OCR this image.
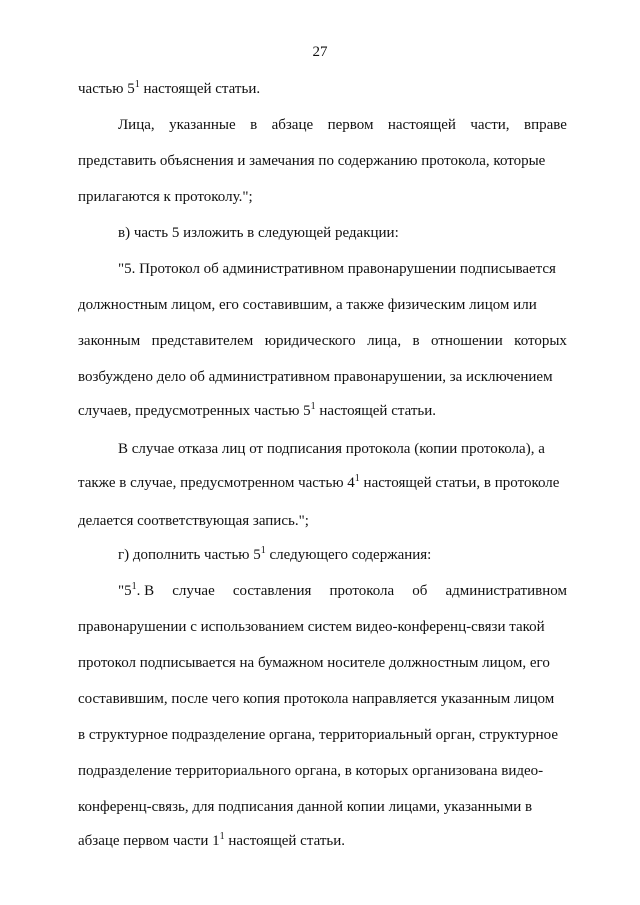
27
частью $5^1$ настоящей статьи.
Лица, указанные в абзаце первом настоящей части, вправе
представить объяснения и замечания по содержанию протокола, которые
прилагаются к протоколу.";
в) часть 5 изложить в следующей редакции:
"5. Протокол об административном правонарушении подписывается
должностным лицом, его составившим, а также физическим лицом или
законным представителем юридического лица, в отношении которых
возбуждено дело об административном правонарушении, за исключением
случаев, предусмотренных частью $5^1$ настоящей статьи.
В случае отказа лиц от подписания протокола (копии протокола), а
также в случае, предусмотренном частью $4^1$ настоящей статьи, в протоколе
делается соответствующая запись.";
г) дополнить частью $5^1$ следующего содержания:
"$5^1$. В случае составления протокола об административном
правонарушении с использованием систем видео-конференц-связи такой
протокол подписывается на бумажном носителе должностным лицом, его
составившим, после чего копия протокола направляется указанным лицом
в структурное подразделение органа, территориальный орган, структурное
подразделение территориального органа, в которых организована видео-
конференц-связь, для подписания данной копии лицами, указанными в
абзаце первом части $1^1$ настоящей статьи.
